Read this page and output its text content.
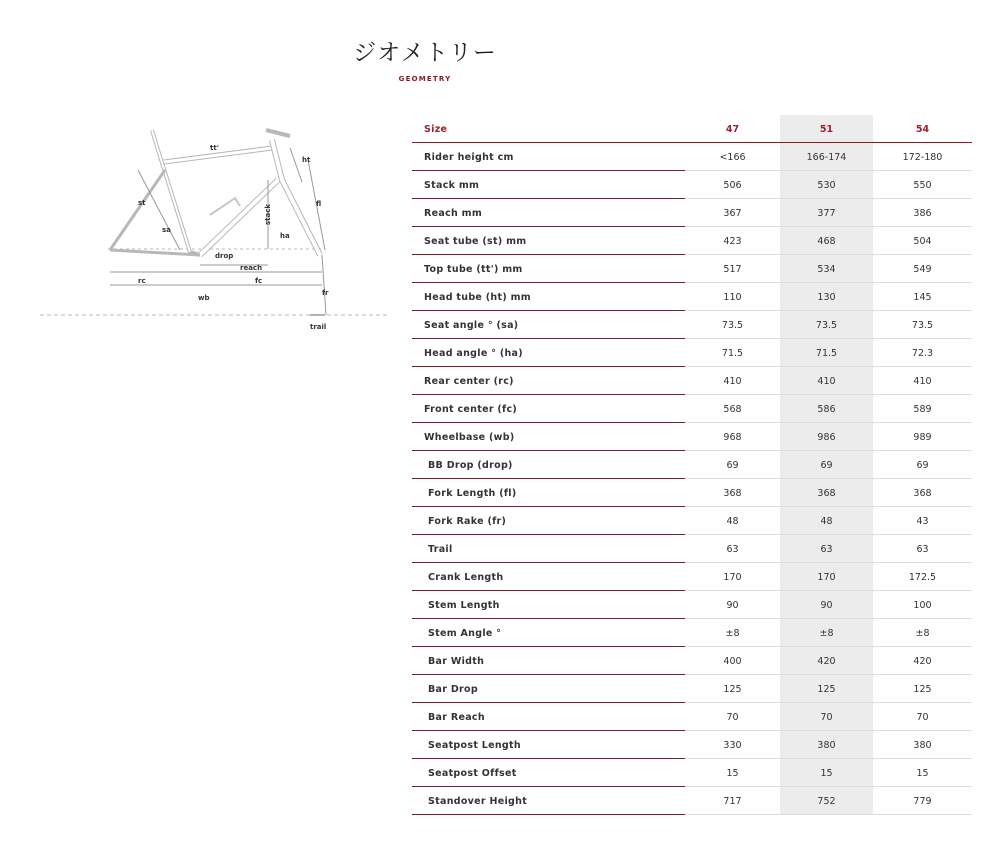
ジオメトリー
GEOMETRY
tt'
ht
st	fl
stack
sa
ha
drop
reach
rc	fc
wb
fr
trail
Size	47	51	54
Rider height cm	<166	166-174	172-180
Stack mm	506	530	550
Reach mm	367	377	386
Seat tube (st) mm	423	468	504
Top tube (tt') mm	517	534	549
Head tube (ht) mm	110	130	145
Seat angle ° (sa)	73.5	73.5	73.5
Head angle ° (ha)	71.5	71.5	72.3
Rear center (rc)	410	410	410
Front center (fc)	568	586	589
Wheelbase (wb)	968	986	989
BB Drop (drop)	69	69	69
Fork Length (fl)	368	368	368
Fork Rake (fr)	48	48	43
Trail	63	63	63
Crank Length	170	170	172.5
Stem Length	90	90	100
Stem Angle °	±8	±8	±8
Bar Width	400	420	420
Bar Drop	125	125	125
Bar Reach	70	70	70
Seatpost Length	330	380	380
Seatpost Offset	15	15	15
Standover Height	717	752	779
